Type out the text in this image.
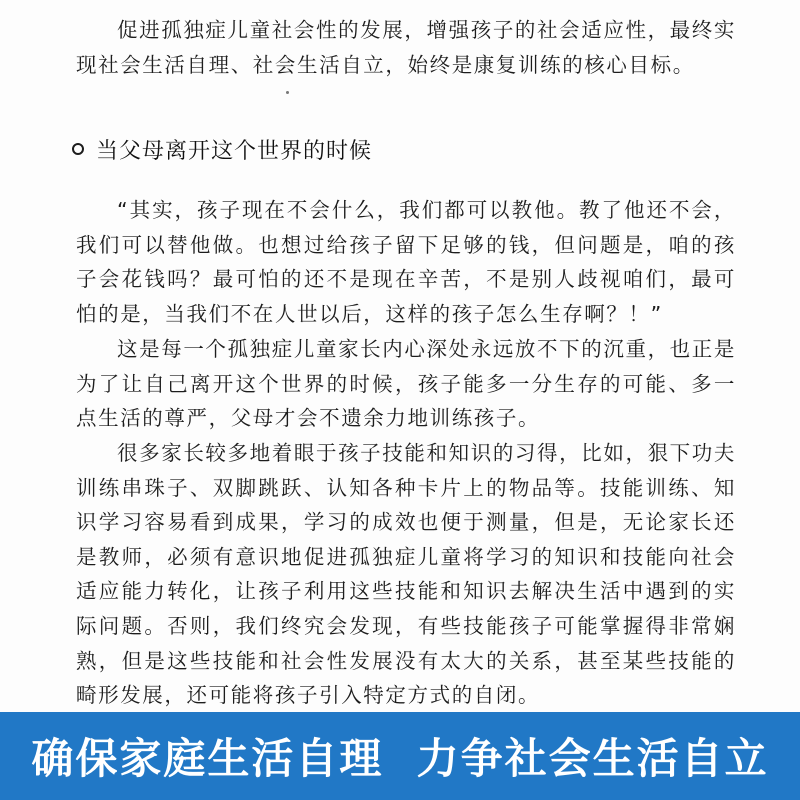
促进孤独症儿童社会性的发展，增强孩子的社会适应性，最终实现社会生活自理、社会生活自立，始终是康复训练的核心目标。

当父母离开这个世界的时候

“其实，孩子现在不会什么，我们都可以教他。教了他还不会，我们可以替他做。也想过给孩子留下足够的钱，但问题是，咱的孩子会花钱吗？最可怕的还不是现在辛苦，不是别人歧视咱们，最可怕的是，当我们不在人世以后，这样的孩子怎么生存啊？！”

这是每一个孤独症儿童家长内心深处永远放不下的沉重，也正是为了让自己离开这个世界的时候，孩子能多一分生存的可能、多一点生活的尊严，父母才会不遗余力地训练孩子。

很多家长较多地着眼于孩子技能和知识的习得，比如，狠下功夫训练串珠子、双脚跳跃、认知各种卡片上的物品等。技能训练、知识学习容易看到成果，学习的成效也便于测量，但是，无论家长还是教师，必须有意识地促进孤独症儿童将学习的知识和技能向社会适应能力转化，让孩子利用这些技能和知识去解决生活中遇到的实际问题。否则，我们终究会发现，有些技能孩子可能掌握得非常娴熟，但是这些技能和社会性发展没有太大的关系，甚至某些技能的畸形发展，还可能将孩子引入特定方式的自闭。

确保家庭生活自理  力争社会生活自立
